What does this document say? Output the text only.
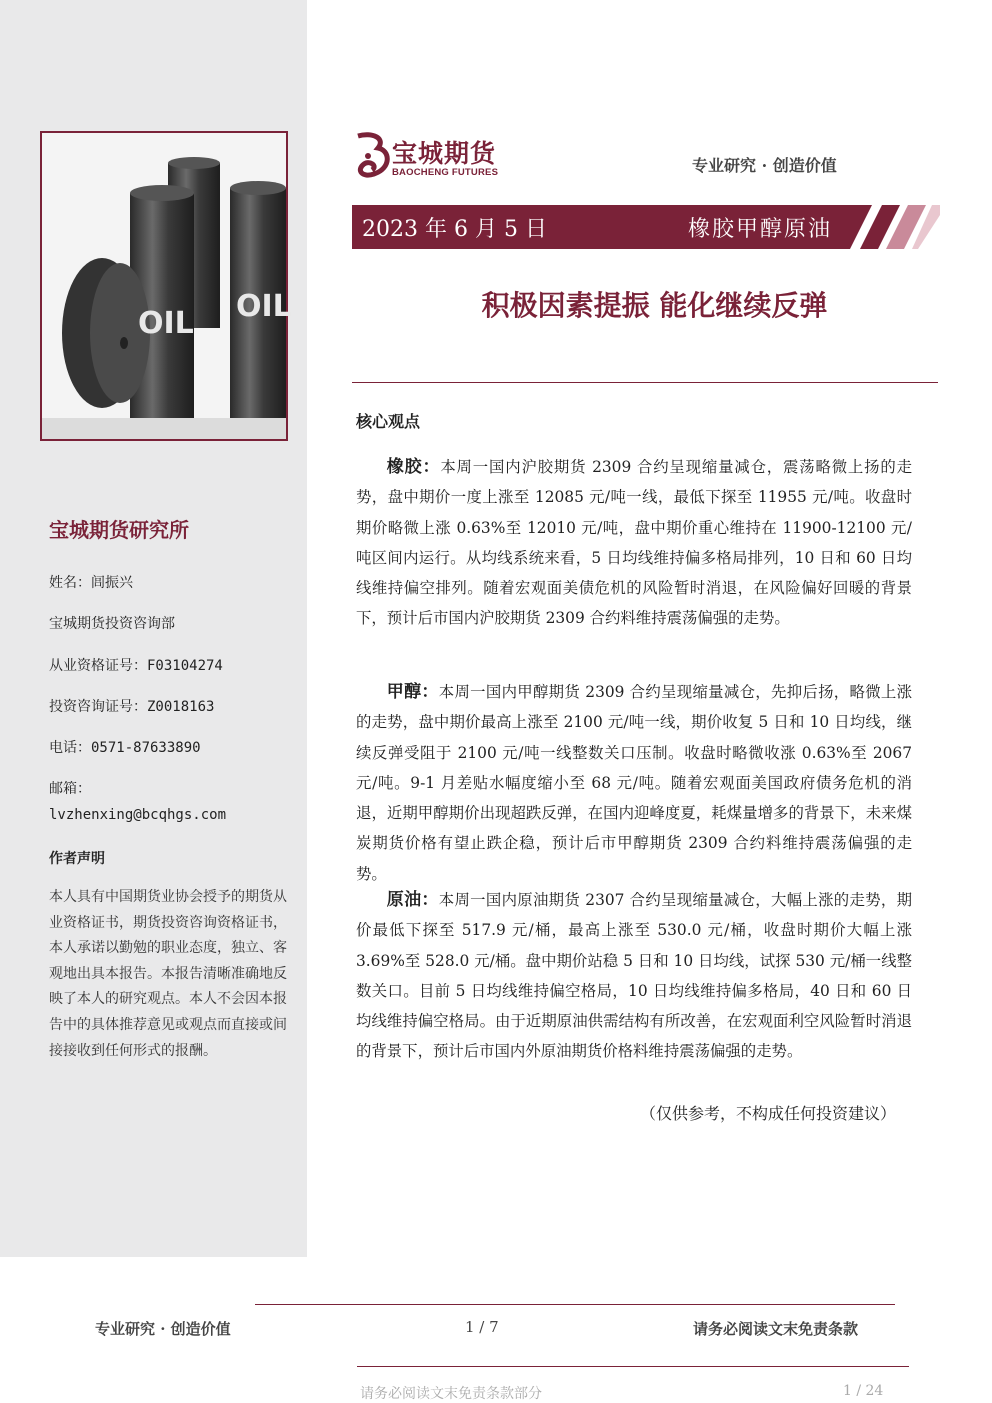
OIL OIL
宝城期货研究所
姓名：闾振兴
宝城期货投资咨询部
从业资格证号：F03104274
投资咨询证号：Z0018163
电话：0571-87633890
邮箱：
lvzhenxing@bcqhgs.com
作者声明
本人具有中国期货业协会授予的期货从业资格证书，期货投资咨询资格证书，本人承诺以勤勉的职业态度，独立、客观地出具本报告。本报告清晰准确地反映了本人的研究观点。本人不会因本报告中的具体推荐意见或观点而直接或间接接收到任何形式的报酬。
宝城期货
BAOCHENG FUTURES	专业研究 · 创造价值
2023 年 6 月 5 日	橡胶甲醇原油
积极因素提振 能化继续反弹
核心观点
橡胶：本周一国内沪胶期货 2309 合约呈现缩量减仓，震荡略微上扬的走势，盘中期价一度上涨至 12085 元/吨一线，最低下探至 11955 元/吨。收盘时期价略微上涨 0.63%至 12010 元/吨，盘中期价重心维持在 11900-12100 元/吨区间内运行。从均线系统来看，5 日均线维持偏多格局排列，10 日和 60 日均线维持偏空排列。随着宏观面美债危机的风险暂时消退，在风险偏好回暖的背景下，预计后市国内沪胶期货 2309 合约料维持震荡偏强的走势。
甲醇：本周一国内甲醇期货 2309 合约呈现缩量减仓，先抑后扬，略微上涨的走势，盘中期价最高上涨至 2100 元/吨一线，期价收复 5 日和 10 日均线，继续反弹受阻于 2100 元/吨一线整数关口压制。收盘时略微收涨 0.63%至 2067 元/吨。9-1 月差贴水幅度缩小至 68 元/吨。随着宏观面美国政府债务危机的消退，近期甲醇期价出现超跌反弹，在国内迎峰度夏，耗煤量增多的背景下，未来煤炭期货价格有望止跌企稳，预计后市甲醇期货 2309 合约料维持震荡偏强的走势。
原油：本周一国内原油期货 2307 合约呈现缩量减仓，大幅上涨的走势，期价最低下探至 517.9 元/桶，最高上涨至 530.0 元/桶，收盘时期价大幅上涨 3.69%至 528.0 元/桶。盘中期价站稳 5 日和 10 日均线，试探 530 元/桶一线整数关口。目前 5 日均线维持偏空格局，10 日均线维持偏多格局，40 日和 60 日均线维持偏空格局。由于近期原油供需结构有所改善，在宏观面利空风险暂时消退的背景下，预计后市国内外原油期货价格料维持震荡偏强的走势。
（仅供参考，不构成任何投资建议）
专业研究 · 创造价值	1 / 7	请务必阅读文末免责条款
请务必阅读文末免责条款部分	1 / 24
